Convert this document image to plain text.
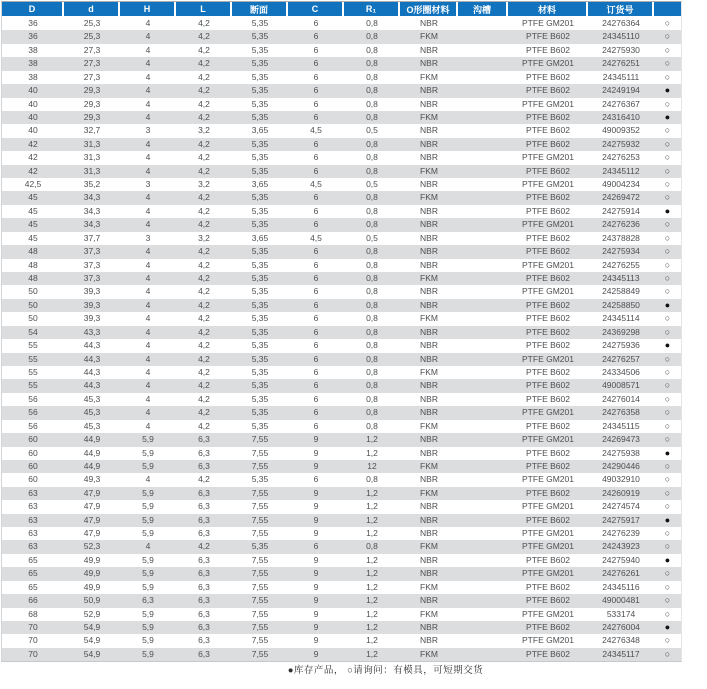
D	d	H	L	断面	C	R₁	O形圈材料	沟槽	材料	订货号	
36	25,3	4	4,2	5,35	6	0,8	NBR		PTFE GM201	24276364	○
36	25,3	4	4,2	5,35	6	0,8	FKM		PTFE B602	24345110	○
38	27,3	4	4,2	5,35	6	0,8	NBR		PTFE B602	24275930	○
38	27,3	4	4,2	5,35	6	0,8	NBR		PTFE GM201	24276251	○
38	27,3	4	4,2	5,35	6	0,8	FKM		PTFE B602	24345111	○
40	29,3	4	4,2	5,35	6	0,8	NBR		PTFE B602	24249194	●
40	29,3	4	4,2	5,35	6	0,8	NBR		PTFE GM201	24276367	○
40	29,3	4	4,2	5,35	6	0,8	FKM		PTFE B602	24316410	●
40	32,7	3	3,2	3,65	4,5	0,5	NBR		PTFE B602	49009352	○
42	31,3	4	4,2	5,35	6	0,8	NBR		PTFE B602	24275932	○
42	31,3	4	4,2	5,35	6	0,8	NBR		PTFE GM201	24276253	○
42	31,3	4	4,2	5,35	6	0,8	FKM		PTFE B602	24345112	○
42,5	35,2	3	3,2	3,65	4,5	0,5	NBR		PTFE GM201	49004234	○
45	34,3	4	4,2	5,35	6	0,8	FKM		PTFE B602	24269472	○
45	34,3	4	4,2	5,35	6	0,8	NBR		PTFE B602	24275914	●
45	34,3	4	4,2	5,35	6	0,8	NBR		PTFE GM201	24276236	○
45	37,7	3	3,2	3,65	4,5	0,5	NBR		PTFE B602	24378828	○
48	37,3	4	4,2	5,35	6	0,8	NBR		PTFE B602	24275934	○
48	37,3	4	4,2	5,35	6	0,8	NBR		PTFE GM201	24276255	○
48	37,3	4	4,2	5,35	6	0,8	FKM		PTFE B602	24345113	○
50	39,3	4	4,2	5,35	6	0,8	NBR		PTFE GM201	24258849	○
50	39,3	4	4,2	5,35	6	0,8	NBR		PTFE B602	24258850	●
50	39,3	4	4,2	5,35	6	0,8	FKM		PTFE B602	24345114	○
54	43,3	4	4,2	5,35	6	0,8	NBR		PTFE B602	24369298	○
55	44,3	4	4,2	5,35	6	0,8	NBR		PTFE B602	24275936	●
55	44,3	4	4,2	5,35	6	0,8	NBR		PTFE GM201	24276257	○
55	44,3	4	4,2	5,35	6	0,8	FKM		PTFE B602	24334506	○
55	44,3	4	4,2	5,35	6	0,8	NBR		PTFE B602	49008571	○
56	45,3	4	4,2	5,35	6	0,8	NBR		PTFE B602	24276014	○
56	45,3	4	4,2	5,35	6	0,8	NBR		PTFE GM201	24276358	○
56	45,3	4	4,2	5,35	6	0,8	FKM		PTFE B602	24345115	○
60	44,9	5,9	6,3	7,55	9	1,2	NBR		PTFE GM201	24269473	○
60	44,9	5,9	6,3	7,55	9	1,2	NBR		PTFE B602	24275938	●
60	44,9	5,9	6,3	7,55	9	12	FKM		PTFE B602	24290446	○
60	49,3	4	4,2	5,35	6	0,8	NBR		PTFE GM201	49032910	○
63	47,9	5,9	6,3	7,55	9	1,2	FKM		PTFE B602	24260919	○
63	47,9	5,9	6,3	7,55	9	1,2	NBR		PTFE GM201	24274574	○
63	47,9	5,9	6,3	7,55	9	1,2	NBR		PTFE B602	24275917	●
63	47,9	5,9	6,3	7,55	9	1,2	NBR		PTFE GM201	24276239	○
63	52,3	4	4,2	5,35	6	0,8	FKM		PTFE GM201	24243923	○
65	49,9	5,9	6,3	7,55	9	1,2	NBR		PTFE B602	24275940	●
65	49,9	5,9	6,3	7,55	9	1,2	NBR		PTFE GM201	24276261	○
65	49,9	5,9	6,3	7,55	9	1,2	FKM		PTFE B602	24345116	○
66	50,9	6,3	6,3	7,55	9	1,2	NBR		PTFE B602	49000481	○
68	52,9	5,9	6,3	7,55	9	1,2	FKM		PTFE GM201	533174	○
70	54,9	5,9	6,3	7,55	9	1,2	NBR		PTFE B602	24276004	●
70	54,9	5,9	6,3	7,55	9	1,2	NBR		PTFE GM201	24276348	○
70	54,9	5,9	6,3	7,55	9	1,2	FKM		PTFE B602	24345117	○
●库存产品， ○请询问：有模具，可短期交货
